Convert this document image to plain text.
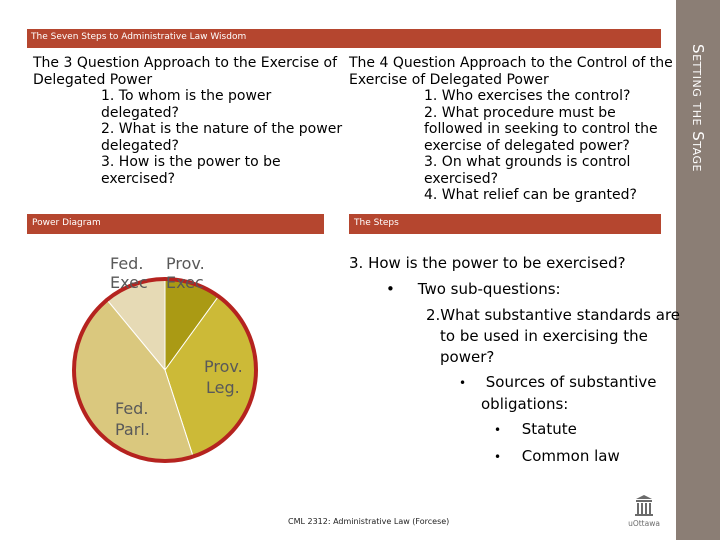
The Seven Steps to Administrative Law Wisdom
Setting the Stage
The 3 Question Approach to the Exercise of
Delegated Power
1. To whom is the power
delegated?
2. What is the nature of the power
delegated?
3. How is the power to be
exercised?
The 4 Question Approach to the Control of the
Exercise of Delegated Power
1. Who exercises the control?
2. What procedure must be
followed in seeking to control the
exercise of delegated power?
3. On what grounds is control
exercised?
4. What relief can be granted?
Power Diagram	The Steps
Fed. Exec
Prov. Exec
Prov. Leg.
Fed. Parl.
3. How is the power to be exercised?
• Two sub-questions:
2.What substantive standards are
to be used in exercising the
power?
• Sources of substantive
obligations:
• Statute
• Common law
CML 2312: Administrative Law (Forcese)	uOttawa
